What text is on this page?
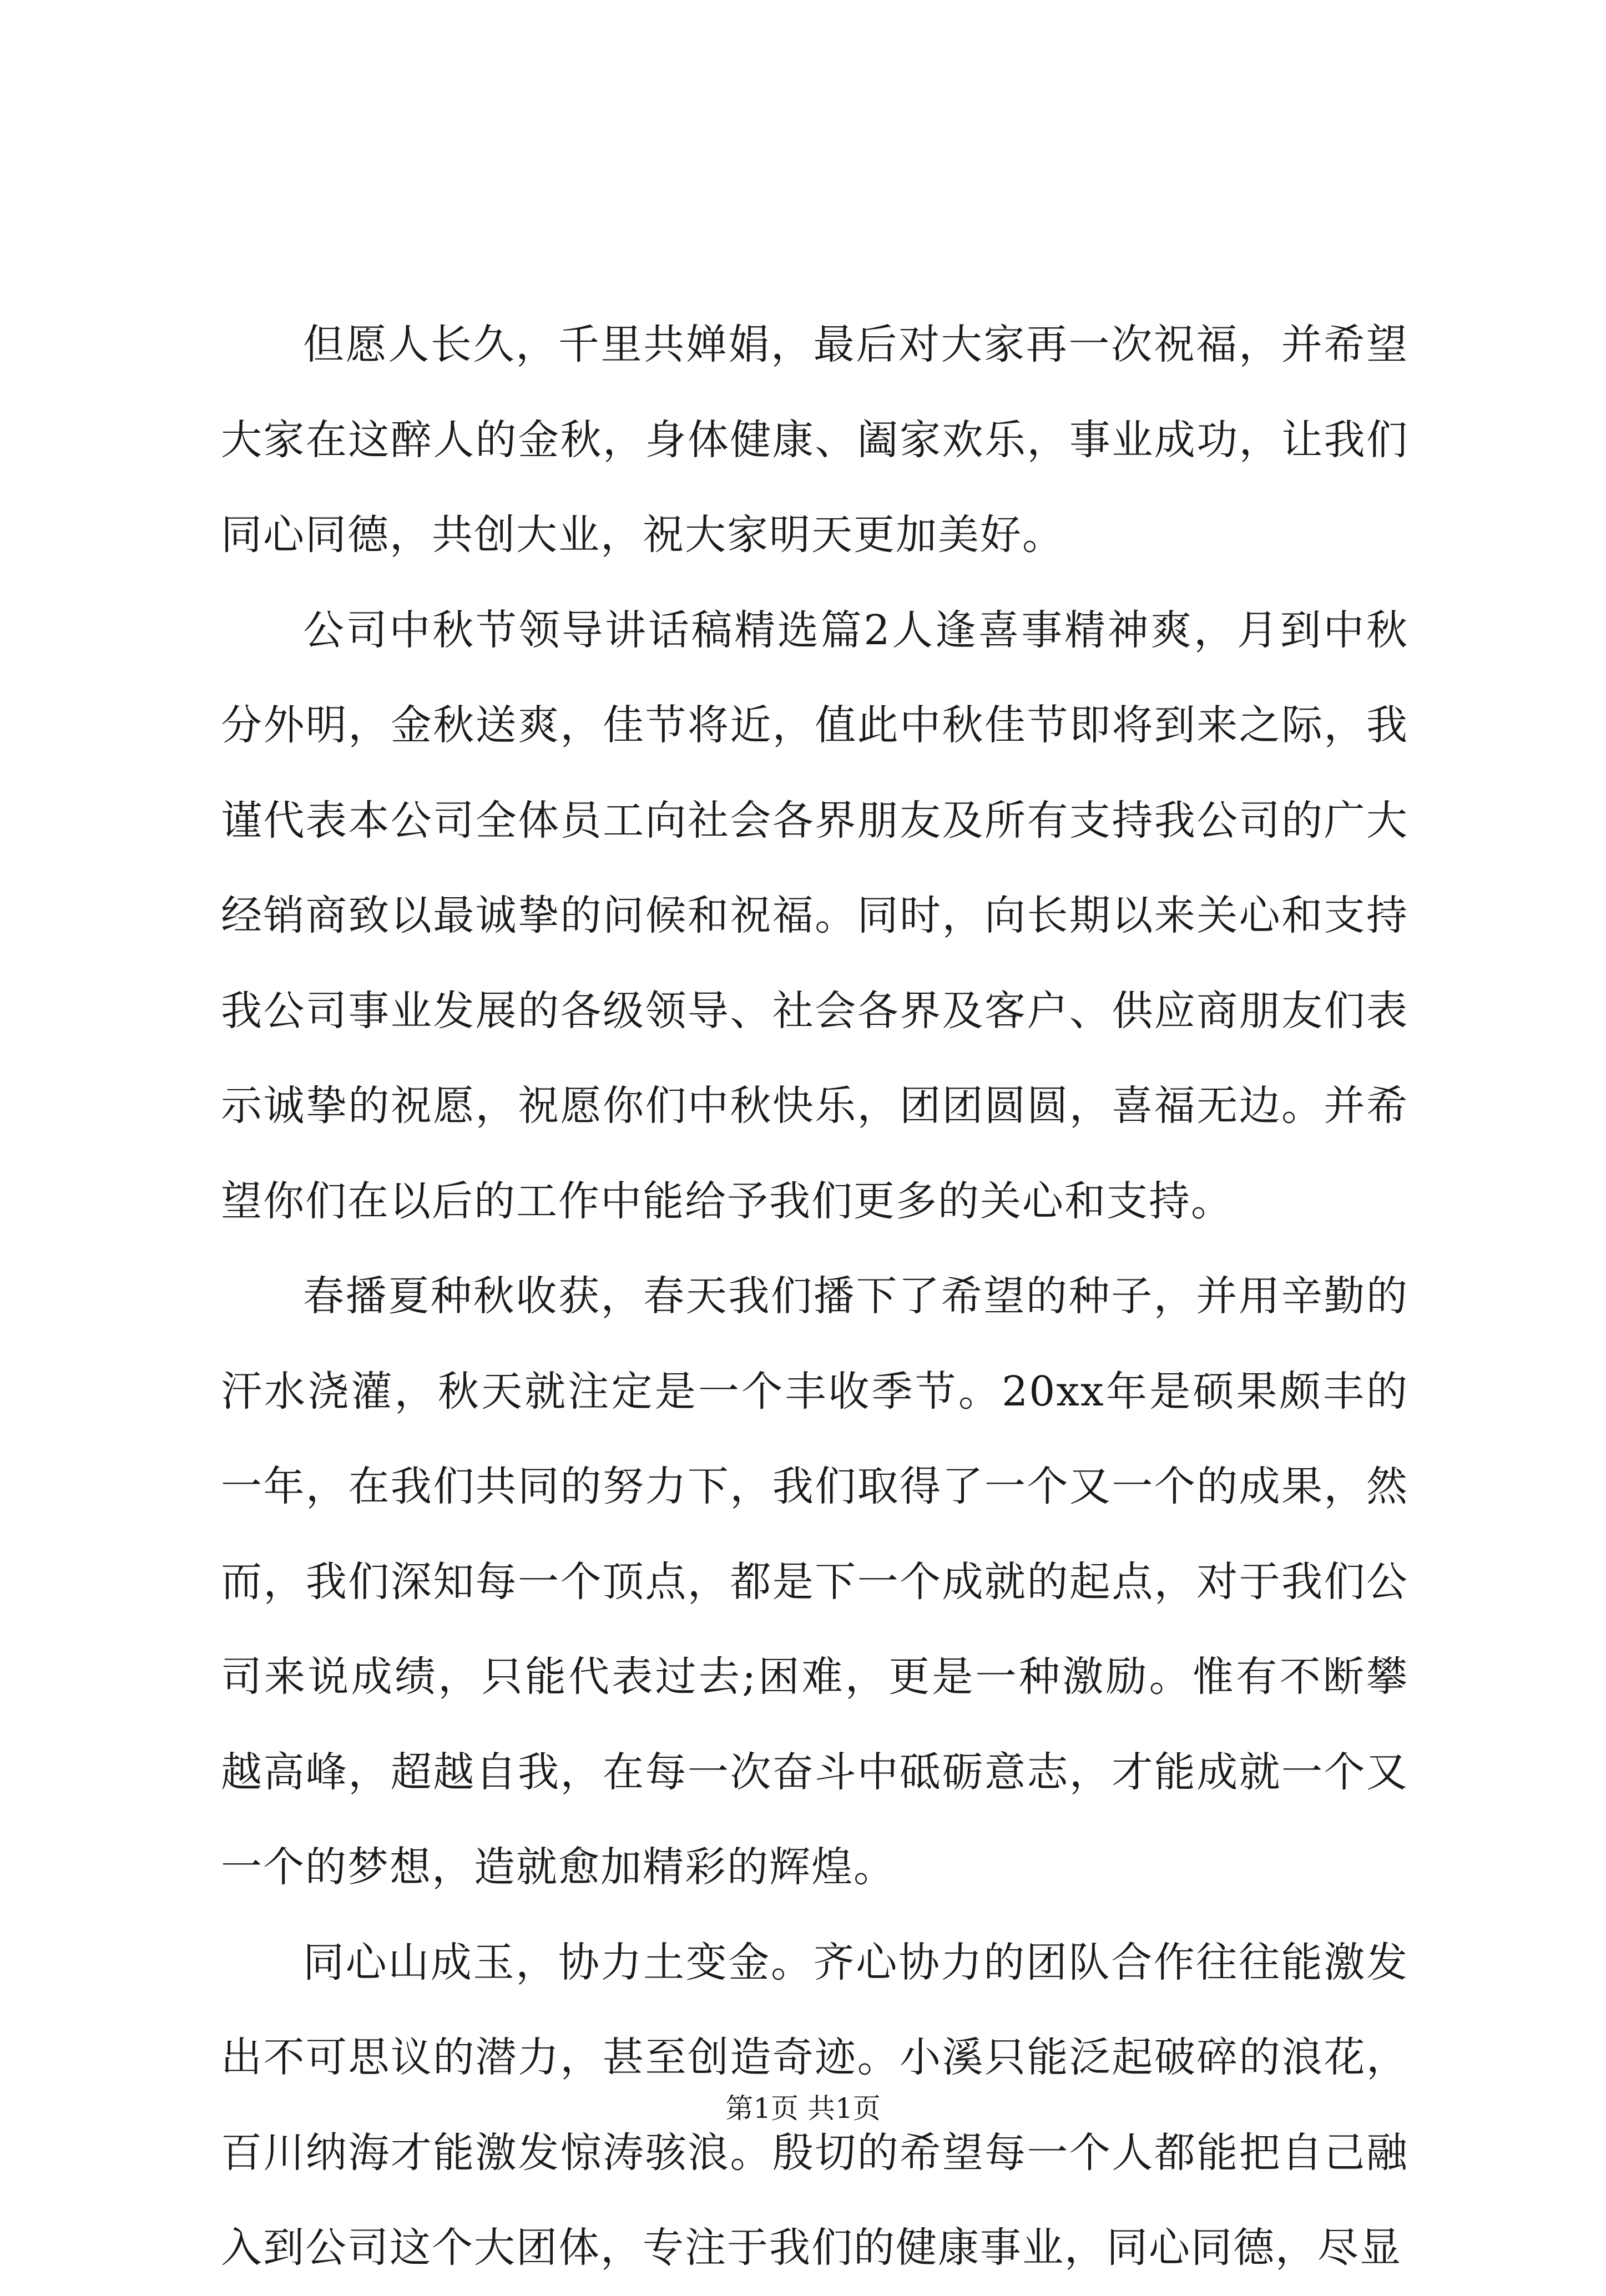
但愿人长久，千里共婵娟，最后对大家再一次祝福，并希望大家在这醉人的金秋，身体健康、阖家欢乐，事业成功，让我们同心同德，共创大业，祝大家明天更加美好。

公司中秋节领导讲话稿精选篇2人逢喜事精神爽，月到中秋分外明，金秋送爽，佳节将近，值此中秋佳节即将到来之际，我谨代表本公司全体员工向社会各界朋友及所有支持我公司的广大经销商致以最诚挚的问候和祝福。同时，向长期以来关心和支持我公司事业发展的各级领导、社会各界及客户、供应商朋友们表示诚挚的祝愿，祝愿你们中秋快乐，团团圆圆，喜福无边。并希望你们在以后的工作中能给予我们更多的关心和支持。

春播夏种秋收获，春天我们播下了希望的种子，并用辛勤的汗水浇灌，秋天就注定是一个丰收季节。20xx年是硕果颇丰的一年，在我们共同的努力下，我们取得了一个又一个的成果，然而，我们深知每一个顶点，都是下一个成就的起点，对于我们公司来说成绩，只能代表过去;困难，更是一种激励。惟有不断攀越高峰，超越自我，在每一次奋斗中砥砺意志，才能成就一个又一个的梦想，造就愈加精彩的辉煌。

同心山成玉，协力土变金。齐心协力的团队合作往往能激发出不可思议的潜力，甚至创造奇迹。小溪只能泛起破碎的浪花，百川纳海才能激发惊涛骇浪。殷切的希望每一个人都能把自己融入到公司这个大团体，专注于我们的健康事业，同心同德，尽显

第1页 共1页
